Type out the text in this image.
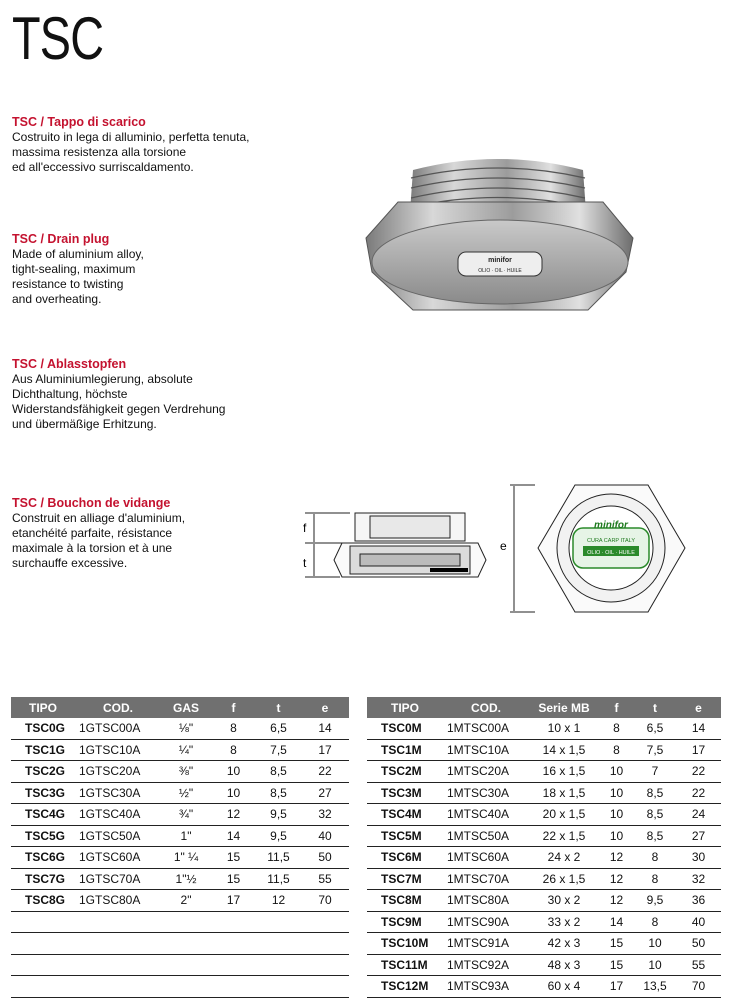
TSC
TSC / Tappo di scarico
Costruito in lega di alluminio, perfetta tenuta,
massima resistenza alla torsione
ed all'eccessivo surriscaldamento.
TSC / Drain plug
Made of aluminium alloy,
tight-sealing, maximum
resistance to twisting
and overheating.
TSC / Ablasstopfen
Aus Aluminiumlegierung, absolute
Dichthaltung, höchste
Widerstandsfähigkeit gegen Verdrehung
und übermäßige Erhitzung.
TSC / Bouchon de vidange
Construit en alliage d'aluminium,
etanchéité parfaite, résistance
maximale à la torsion et à une
surchauffe excessive.
minifor
OLIO · OIL · HUILE
f
t
e
minifor
CURA CARP ITALY
OLIO · OIL · HUILE
TIPO	COD.	GAS	f	t	e
TSC0G	1GTSC00A	⅛"	8	6,5	14
TSC1G	1GTSC10A	¼"	8	7,5	17
TSC2G	1GTSC20A	⅜"	10	8,5	22
TSC3G	1GTSC30A	½"	10	8,5	27
TSC4G	1GTSC40A	¾"	12	9,5	32
TSC5G	1GTSC50A	1"	14	9,5	40
TSC6G	1GTSC60A	1" ¼	15	11,5	50
TSC7G	1GTSC70A	1"½	15	11,5	55
TSC8G	1GTSC80A	2"	17	12	70

TIPO	COD.	Serie MB	f	t	e
TSC0M	1MTSC00A	10 x 1	8	6,5	14
TSC1M	1MTSC10A	14 x 1,5	8	7,5	17
TSC2M	1MTSC20A	16 x 1,5	10	7	22
TSC3M	1MTSC30A	18 x 1,5	10	8,5	22
TSC4M	1MTSC40A	20 x 1,5	10	8,5	24
TSC5M	1MTSC50A	22 x 1,5	10	8,5	27
TSC6M	1MTSC60A	24 x 2	12	8	30
TSC7M	1MTSC70A	26 x 1,5	12	8	32
TSC8M	1MTSC80A	30 x 2	12	9,5	36
TSC9M	1MTSC90A	33 x 2	14	8	40
TSC10M	1MTSC91A	42 x 3	15	10	50
TSC11M	1MTSC92A	48 x 3	15	10	55
TSC12M	1MTSC93A	60 x 4	17	13,5	70
